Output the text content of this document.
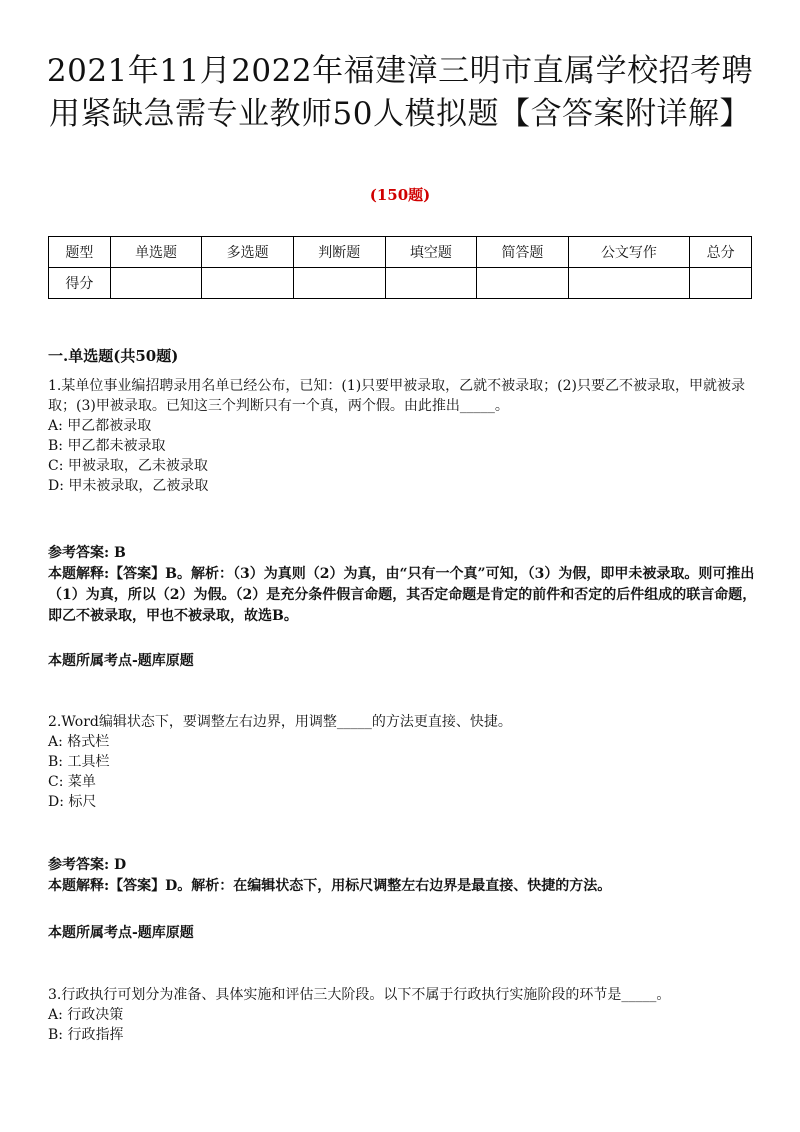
2021年11月2022年福建漳三明市直属学校招考聘用紧缺急需专业教师50人模拟题【含答案附详解】
(150题)
题型	单选题	多选题	判断题	填空题	简答题	公文写作	总分
得分							
一.单选题(共50题)

1.某单位事业编招聘录用名单已经公布，已知：(1)只要甲被录取，乙就不被录取；(2)只要乙不被录取，甲就被录取；(3)甲被录取。已知这三个判断只有一个真，两个假。由此推出_____。

A: 甲乙都被录取

B: 甲乙都未被录取

C: 甲被录取，乙未被录取

D: 甲未被录取，乙被录取

参考答案: B

本题解释:【答案】B。解析：（3）为真则（2）为真，由“只有一个真”可知，（3）为假，即甲未被录取。则可推出（1）为真，所以（2）为假。（2）是充分条件假言命题，其否定命题是肯定的前件和否定的后件组成的联言命题，即乙不被录取，甲也不被录取，故选B。

本题所属考点-题库原题

2.Word编辑状态下，要调整左右边界，用调整_____的方法更直接、快捷。

A: 格式栏

B: 工具栏

C: 菜单

D: 标尺

参考答案: D

本题解释:【答案】D。解析：在编辑状态下，用标尺调整左右边界是最直接、快捷的方法。

本题所属考点-题库原题

3.行政执行可划分为准备、具体实施和评估三大阶段。以下不属于行政执行实施阶段的环节是_____。

A: 行政决策

B: 行政指挥
